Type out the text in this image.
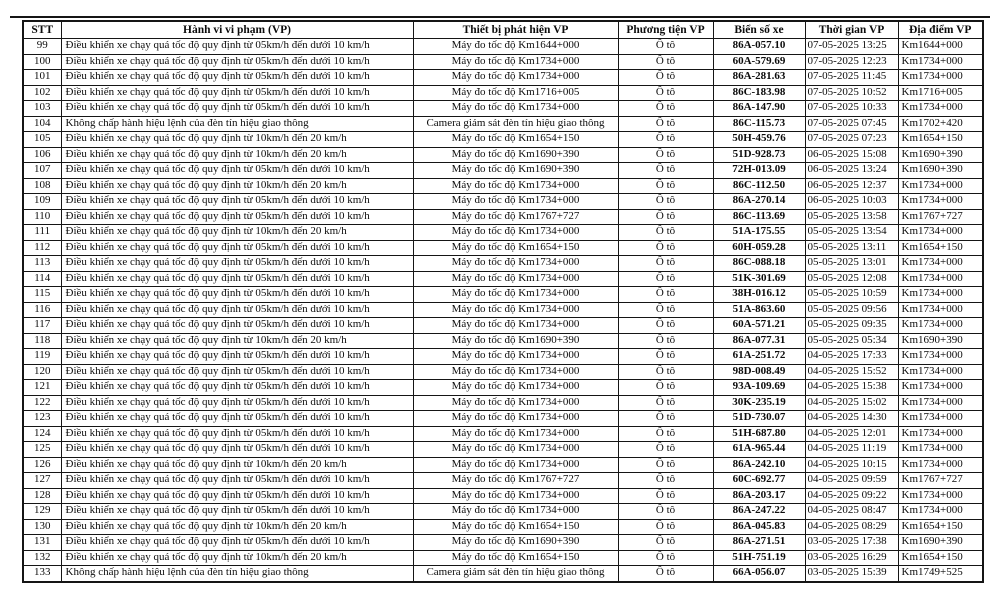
STT	Hành vi vi phạm (VP)	Thiết bị phát hiện VP	Phương tiện VP	Biển số xe	Thời gian VP	Địa điểm VP
99	Điều khiển xe chạy quá tốc độ quy định từ 05km/h đến dưới 10 km/h	Máy đo tốc độ Km1644+000	Ô tô	86A-057.10	07-05-2025 13:25	Km1644+000
100	Điều khiển xe chạy quá tốc độ quy định từ 05km/h đến dưới 10 km/h	Máy đo tốc độ Km1734+000	Ô tô	60A-579.69	07-05-2025 12:23	Km1734+000
101	Điều khiển xe chạy quá tốc độ quy định từ 05km/h đến dưới 10 km/h	Máy đo tốc độ Km1734+000	Ô tô	86A-281.63	07-05-2025 11:45	Km1734+000
102	Điều khiển xe chạy quá tốc độ quy định từ 05km/h đến dưới 10 km/h	Máy đo tốc độ Km1716+005	Ô tô	86C-183.98	07-05-2025 10:52	Km1716+005
103	Điều khiển xe chạy quá tốc độ quy định từ 05km/h đến dưới 10 km/h	Máy đo tốc độ Km1734+000	Ô tô	86A-147.90	07-05-2025 10:33	Km1734+000
104	Không chấp hành hiệu lệnh của đèn tín hiệu giao thông	Camera giám sát đèn tín hiệu giao thông	Ô tô	86C-115.73	07-05-2025 07:45	Km1702+420
105	Điều khiển xe chạy quá tốc độ quy định từ 10km/h đến 20 km/h	Máy đo tốc độ Km1654+150	Ô tô	50H-459.76	07-05-2025 07:23	Km1654+150
106	Điều khiển xe chạy quá tốc độ quy định từ 10km/h đến 20 km/h	Máy đo tốc độ Km1690+390	Ô tô	51D-928.73	06-05-2025 15:08	Km1690+390
107	Điều khiển xe chạy quá tốc độ quy định từ 05km/h đến dưới 10 km/h	Máy đo tốc độ Km1690+390	Ô tô	72H-013.09	06-05-2025 13:24	Km1690+390
108	Điều khiển xe chạy quá tốc độ quy định từ 10km/h đến 20 km/h	Máy đo tốc độ Km1734+000	Ô tô	86C-112.50	06-05-2025 12:37	Km1734+000
109	Điều khiển xe chạy quá tốc độ quy định từ 05km/h đến dưới 10 km/h	Máy đo tốc độ Km1734+000	Ô tô	86A-270.14	06-05-2025 10:03	Km1734+000
110	Điều khiển xe chạy quá tốc độ quy định từ 05km/h đến dưới 10 km/h	Máy đo tốc độ Km1767+727	Ô tô	86C-113.69	05-05-2025 13:58	Km1767+727
111	Điều khiển xe chạy quá tốc độ quy định từ 10km/h đến 20 km/h	Máy đo tốc độ Km1734+000	Ô tô	51A-175.55	05-05-2025 13:54	Km1734+000
112	Điều khiển xe chạy quá tốc độ quy định từ 05km/h đến dưới 10 km/h	Máy đo tốc độ Km1654+150	Ô tô	60H-059.28	05-05-2025 13:11	Km1654+150
113	Điều khiển xe chạy quá tốc độ quy định từ 05km/h đến dưới 10 km/h	Máy đo tốc độ Km1734+000	Ô tô	86C-088.18	05-05-2025 13:01	Km1734+000
114	Điều khiển xe chạy quá tốc độ quy định từ 05km/h đến dưới 10 km/h	Máy đo tốc độ Km1734+000	Ô tô	51K-301.69	05-05-2025 12:08	Km1734+000
115	Điều khiển xe chạy quá tốc độ quy định từ 05km/h đến dưới 10 km/h	Máy đo tốc độ Km1734+000	Ô tô	38H-016.12	05-05-2025 10:59	Km1734+000
116	Điều khiển xe chạy quá tốc độ quy định từ 05km/h đến dưới 10 km/h	Máy đo tốc độ Km1734+000	Ô tô	51A-863.60	05-05-2025 09:56	Km1734+000
117	Điều khiển xe chạy quá tốc độ quy định từ 05km/h đến dưới 10 km/h	Máy đo tốc độ Km1734+000	Ô tô	60A-571.21	05-05-2025 09:35	Km1734+000
118	Điều khiển xe chạy quá tốc độ quy định từ 10km/h đến 20 km/h	Máy đo tốc độ Km1690+390	Ô tô	86A-077.31	05-05-2025 05:34	Km1690+390
119	Điều khiển xe chạy quá tốc độ quy định từ 05km/h đến dưới 10 km/h	Máy đo tốc độ Km1734+000	Ô tô	61A-251.72	04-05-2025 17:33	Km1734+000
120	Điều khiển xe chạy quá tốc độ quy định từ 05km/h đến dưới 10 km/h	Máy đo tốc độ Km1734+000	Ô tô	98D-008.49	04-05-2025 15:52	Km1734+000
121	Điều khiển xe chạy quá tốc độ quy định từ 05km/h đến dưới 10 km/h	Máy đo tốc độ Km1734+000	Ô tô	93A-109.69	04-05-2025 15:38	Km1734+000
122	Điều khiển xe chạy quá tốc độ quy định từ 05km/h đến dưới 10 km/h	Máy đo tốc độ Km1734+000	Ô tô	30K-235.19	04-05-2025 15:02	Km1734+000
123	Điều khiển xe chạy quá tốc độ quy định từ 05km/h đến dưới 10 km/h	Máy đo tốc độ Km1734+000	Ô tô	51D-730.07	04-05-2025 14:30	Km1734+000
124	Điều khiển xe chạy quá tốc độ quy định từ 05km/h đến dưới 10 km/h	Máy đo tốc độ Km1734+000	Ô tô	51H-687.80	04-05-2025 12:01	Km1734+000
125	Điều khiển xe chạy quá tốc độ quy định từ 05km/h đến dưới 10 km/h	Máy đo tốc độ Km1734+000	Ô tô	61A-965.44	04-05-2025 11:19	Km1734+000
126	Điều khiển xe chạy quá tốc độ quy định từ 10km/h đến 20 km/h	Máy đo tốc độ Km1734+000	Ô tô	86A-242.10	04-05-2025 10:15	Km1734+000
127	Điều khiển xe chạy quá tốc độ quy định từ 05km/h đến dưới 10 km/h	Máy đo tốc độ Km1767+727	Ô tô	60C-692.77	04-05-2025 09:59	Km1767+727
128	Điều khiển xe chạy quá tốc độ quy định từ 05km/h đến dưới 10 km/h	Máy đo tốc độ Km1734+000	Ô tô	86A-203.17	04-05-2025 09:22	Km1734+000
129	Điều khiển xe chạy quá tốc độ quy định từ 05km/h đến dưới 10 km/h	Máy đo tốc độ Km1734+000	Ô tô	86A-247.22	04-05-2025 08:47	Km1734+000
130	Điều khiển xe chạy quá tốc độ quy định từ 10km/h đến 20 km/h	Máy đo tốc độ Km1654+150	Ô tô	86A-045.83	04-05-2025 08:29	Km1654+150
131	Điều khiển xe chạy quá tốc độ quy định từ 05km/h đến dưới 10 km/h	Máy đo tốc độ Km1690+390	Ô tô	86A-271.51	03-05-2025 17:38	Km1690+390
132	Điều khiển xe chạy quá tốc độ quy định từ 10km/h đến 20 km/h	Máy đo tốc độ Km1654+150	Ô tô	51H-751.19	03-05-2025 16:29	Km1654+150
133	Không chấp hành hiệu lệnh của đèn tín hiệu giao thông	Camera giám sát đèn tín hiệu giao thông	Ô tô	66A-056.07	03-05-2025 15:39	Km1749+525
